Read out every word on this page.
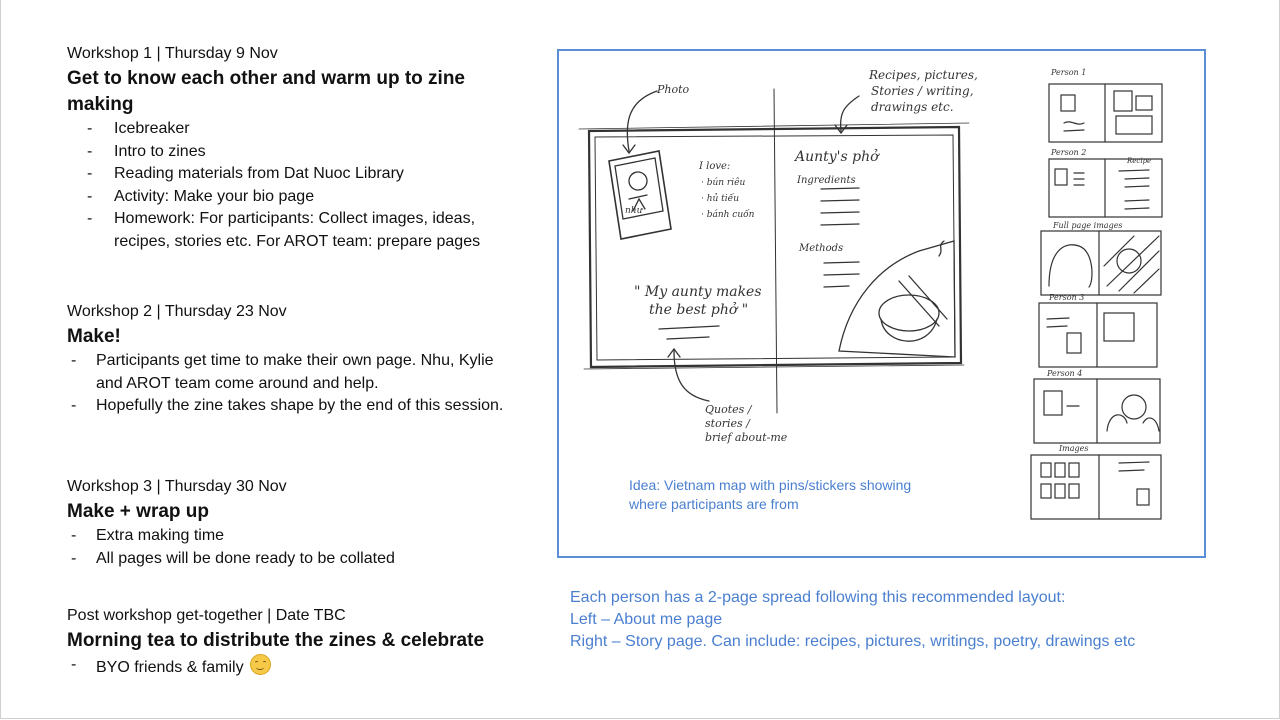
Workshop 1 | Thursday 9 Nov
Get to know each other and warm up to zine making
- Icebreaker
- Intro to zines
- Reading materials from Dat Nuoc Library
- Activity: Make your bio page
- Homework: For participants: Collect images, ideas, recipes, stories etc. For AROT team: prepare pages
Workshop 2 | Thursday 23 Nov
Make!
- Participants get time to make their own page. Nhu, Kylie and AROT team come around and help.
- Hopefully the zine takes shape by the end of this session.
Workshop 3 | Thursday 30 Nov
Make + wrap up
- Extra making time
- All pages will be done ready to be collated
Post workshop get-together | Date TBC
Morning tea to distribute the zines & celebrate
- BYO friends & family
Photo
Recipes, pictures,
Stories / writing,
drawings etc.
Aunty's phở
Ingredients
Methods
I love:
· bún riêu
· hủ tiếu
· bánh cuốn
như
" My aunty makes
the best phở "
Quotes /
stories /
brief about-me
Person 1
Person 2
Recipe
Full page images
Person 3
Person 4
Images
Idea: Vietnam map with pins/stickers showing where participants are from
Each person has a 2-page spread following this recommended layout:
Left – About me page
Right – Story page. Can include: recipes, pictures, writings, poetry, drawings etc
